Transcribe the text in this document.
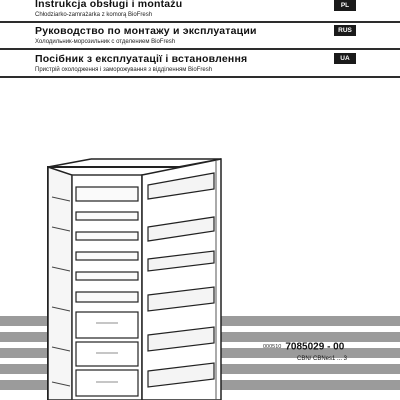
Instrukcja obsługi i montażu
Chłodziarko-zamrażarka z komorą BioFresh
PL
Руководство по монтажу и эксплуатации
Холодильник-морозильник с отделением BioFresh
RUS
Посібник з експлуатації і встановлення
Пристрій охолодження і заморожування з відділенням BioFresh
UA
000510 7085029 - 00
CBN/ CBNes1 ... 3
